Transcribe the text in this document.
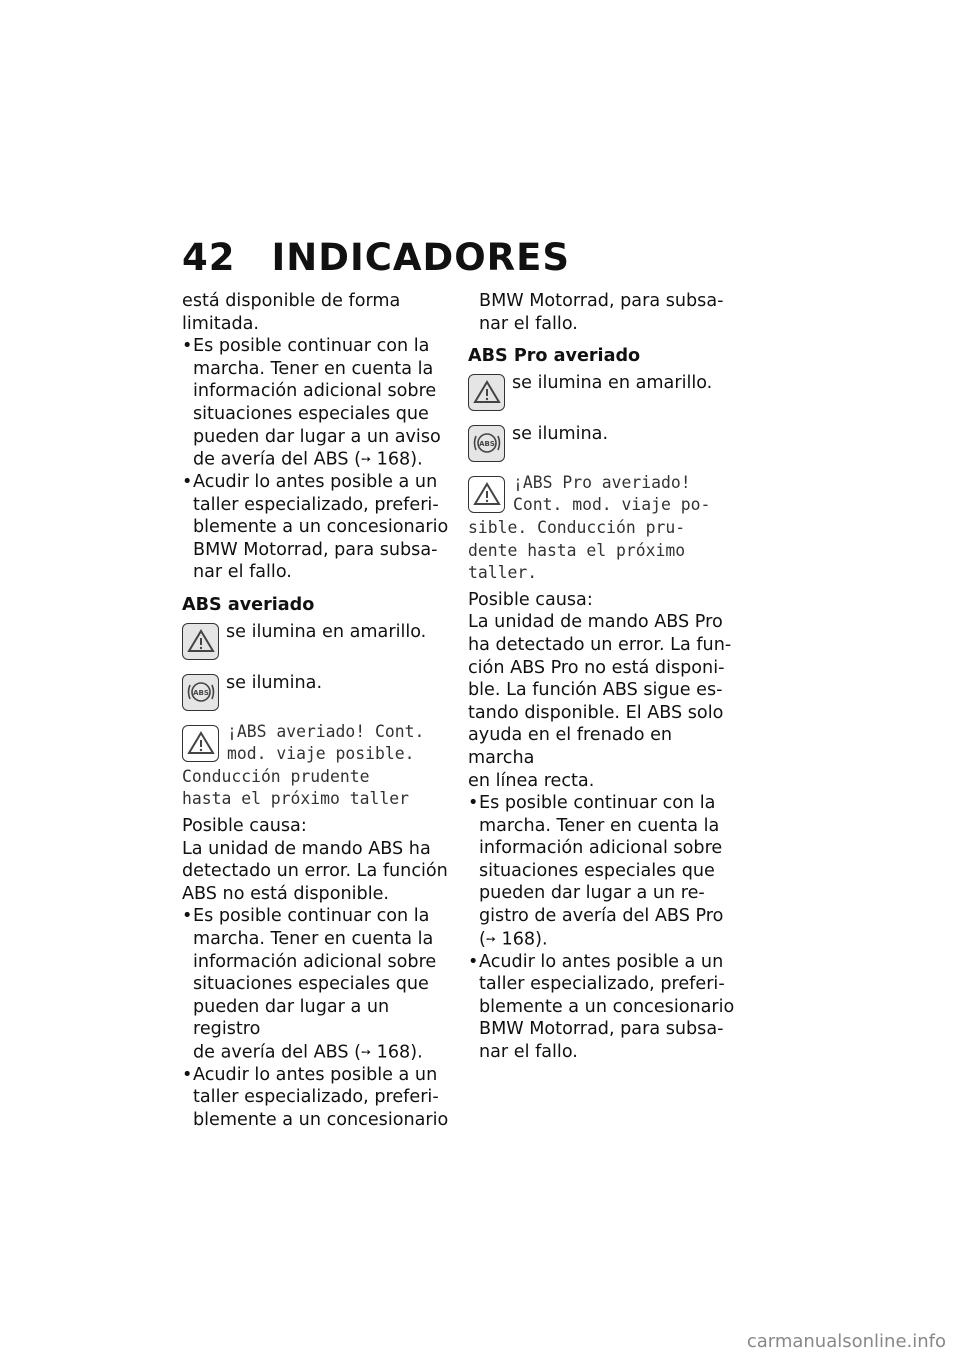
42 INDICADORES

está disponible de forma

limitada.

• Es posible continuar con la

marcha. Tener en cuenta la

información adicional sobre

situaciones especiales que

pueden dar lugar a un aviso

de avería del ABS (➙ 168).

• Acudir lo antes posible a un

taller especializado, preferi-

blemente a un concesionario

BMW Motorrad, para subsa-

nar el fallo.

ABS averiado
se ilumina en amarillo.
ABS
se ilumina.
¡ABS averiado! Cont.
mod. viaje posible.
Conducción prudente
hasta el próximo taller

Posible causa:

La unidad de mando ABS ha

detectado un error. La función

ABS no está disponible.

• Es posible continuar con la

marcha. Tener en cuenta la

información adicional sobre

situaciones especiales que

pueden dar lugar a un registro

de avería del ABS (➙ 168).

• Acudir lo antes posible a un

taller especializado, preferi-

blemente a un concesionario

BMW Motorrad, para subsa-

nar el fallo.

ABS Pro averiado
se ilumina en amarillo.
ABS
se ilumina.
¡ABS Pro averiado!
Cont. mod. viaje po-
sible. Conducción pru-
dente hasta el próximo
taller.

Posible causa:

La unidad de mando ABS Pro

ha detectado un error. La fun-

ción ABS Pro no está disponi-

ble. La función ABS sigue es-

tando disponible. El ABS solo

ayuda en el frenado en marcha

en línea recta.

• Es posible continuar con la

marcha. Tener en cuenta la

información adicional sobre

situaciones especiales que

pueden dar lugar a un re-

gistro de avería del ABS Pro

(➙ 168).

• Acudir lo antes posible a un

taller especializado, preferi-

blemente a un concesionario

BMW Motorrad, para subsa-

nar el fallo.

carmanualsonline.info
